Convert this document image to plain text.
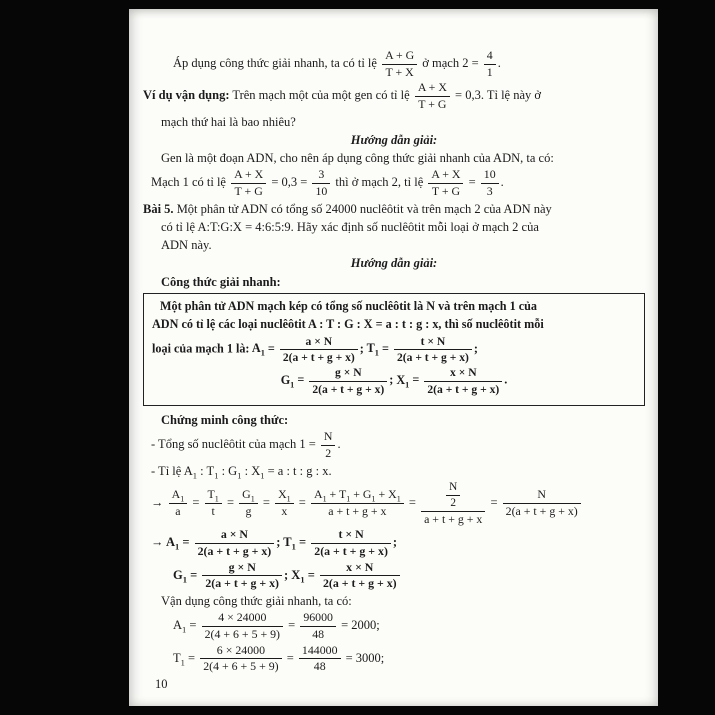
Áp dụng công thức giải nhanh, ta có tỉ lệ $\frac{A + G}{T + X}$ ở mạch $2 = \frac{4}{1}$ .
Ví dụ vận dụng: Trên mạch một của một gen có tỉ lệ $\frac{A + X}{T + G} = 0,3$. Tỉ lệ này ở
mạch thứ hai là bao nhiêu?
Hướng dẫn giải:
Gen là một đoạn ADN, cho nên áp dụng công thức giải nhanh của ADN, ta có:
Mạch 1 có tỉ lệ $\frac{A + X}{T + G} = 0,3 = \frac{3}{10}$ thì ở mạch 2, tỉ lệ $\frac{A + X}{T + G} = \frac{10}{3}$ .
Bài 5. Một phân tử ADN có tổng số 24000 nuclêôtit và trên mạch 2 của ADN này
có tỉ lệ A:T:G:X = 4:6:5:9. Hãy xác định số nuclêôtit mỗi loại ở mạch 2 của
ADN này.
Hướng dẫn giải:
Công thức giải nhanh:
Một phân tử ADN mạch kép có tổng số nuclêôtit là N và trên mạch 1 của
ADN có tỉ lệ các loại nuclêôtit A : T : G : X = a : t : g : x, thì số nuclêôtit mỗi
loại của mạch 1 là: $A_1 = \frac{a \times N}{2(a + t + g + x)}$ ; $T_1 = \frac{t \times N}{2(a + t + g + x)}$ ;
$G_1 = \frac{g \times N}{2(a + t + g + x)}$ ; $X_1 = \frac{x \times N}{2(a + t + g + x)}$ .
Chứng minh công thức:
- Tổng số nuclêôtit của mạch $1 = \frac{N}{2}$ .
- Tỉ lệ $A_1$ : $T_1$ : $G_1$ : $X_1 = a$ : t : g : x.
→ $\frac{A_1}{a} = \frac{T_1}{t} = \frac{G_1}{g} = \frac{X_1}{x} = \frac{A_1 + T_1 + G_1 + X_1}{a + t + g + x} = \frac{\frac{N}{2}}{a + t + g + x} = \frac{N}{2(a + t + g + x)}$
→ $A_1 = \frac{a \times N}{2(a + t + g + x)}$ ; $T_1 = \frac{t \times N}{2(a + t + g + x)}$ ;
$G_1 = \frac{g \times N}{2(a + t + g + x)}$ ; $X_1 = \frac{x \times N}{2(a + t + g + x)}$
Vận dụng công thức giải nhanh, ta có:
$A_1 = \frac{4 \times 24000}{2(4 + 6 + 5 + 9)} = \frac{96000}{48} = 2000$;
$T_1 = \frac{6 \times 24000}{2(4 + 6 + 5 + 9)} = \frac{144000}{48} = 3000$;
10
